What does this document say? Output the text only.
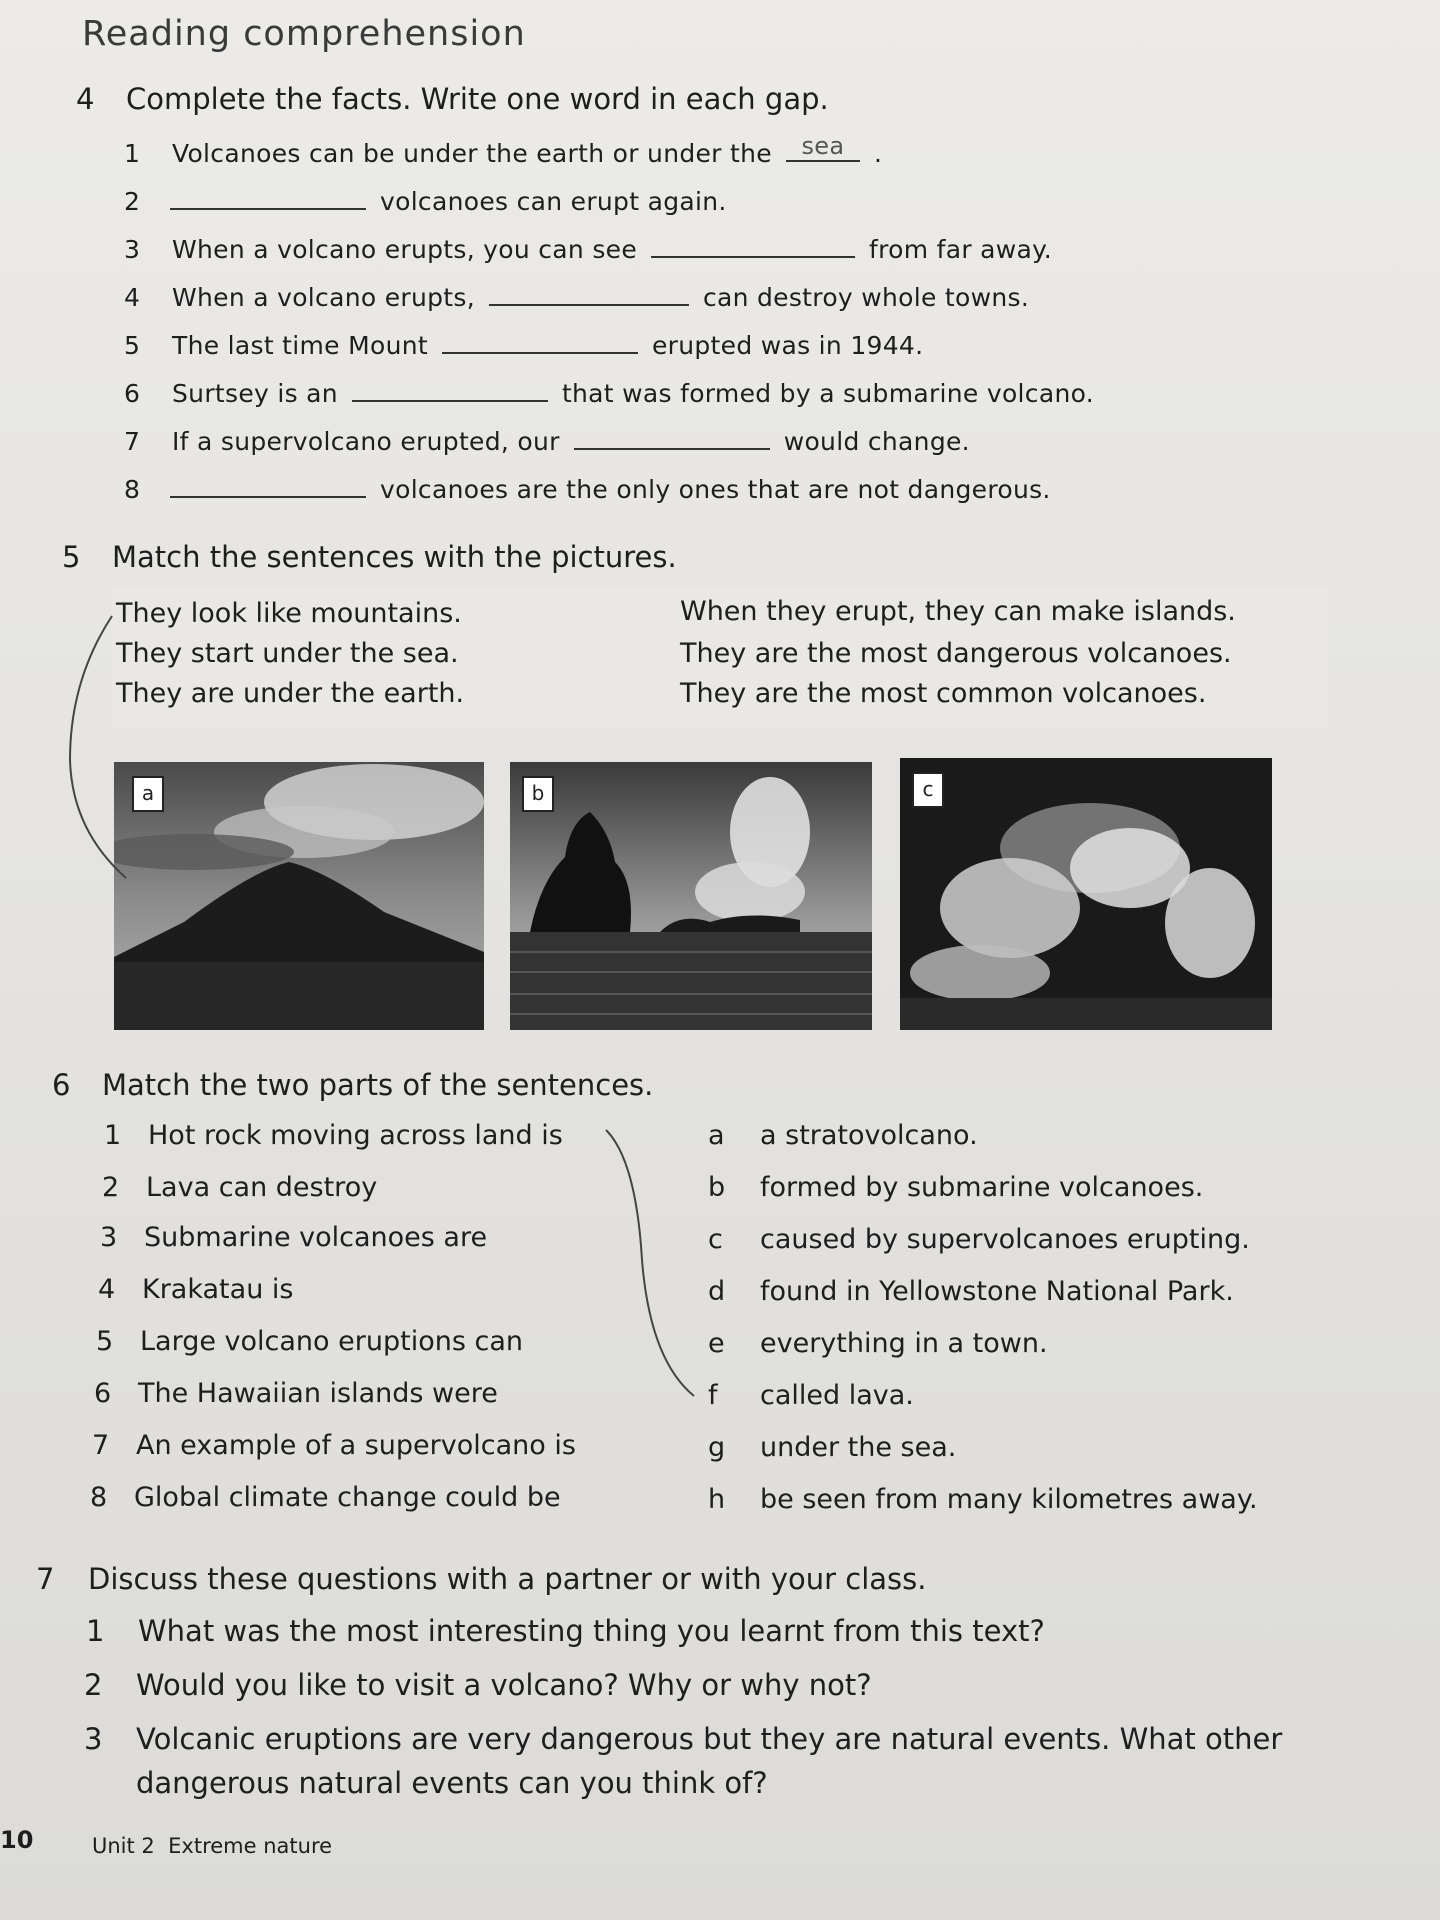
Reading comprehension
4 Complete the facts. Write one word in each gap.
1 Volcanoes can be under the earth or under the	sea	.
2	volcanoes can erupt again.
3 When a volcano erupts, you can see	from far away.
4 When a volcano erupts,	can destroy whole towns.
5 The last time Mount	erupted was in 1944.
6 Surtsey is an	that was formed by a submarine volcano.
7 If a supervolcano erupted, our	would change.
8	volcanoes are the only ones that are not dangerous.
5 Match the sentences with the pictures.
They look like mountains.
They start under the sea.
They are under the earth.
When they erupt, they can make islands.
They are the most dangerous volcanoes.
They are the most common volcanoes.
a	b	c
6 Match the two parts of the sentences.
1 Hot rock moving across land is
2 Lava can destroy
3 Submarine volcanoes are
4 Krakatau is
5 Large volcano eruptions can
6 The Hawaiian islands were
7 An example of a supervolcano is
8 Global climate change could be
a a stratovolcano.
b formed by submarine volcanoes.
c caused by supervolcanoes erupting.
d found in Yellowstone National Park.
e everything in a town.
f called lava.
g under the sea.
h be seen from many kilometres away.
7 Discuss these questions with a partner or with your class.
1 What was the most interesting thing you learnt from this text?
2 Would you like to visit a volcano? Why or why not?
3 Volcanic eruptions are very dangerous but they are natural events. What other
dangerous natural events can you think of?
10	Unit 2 Extreme nature
